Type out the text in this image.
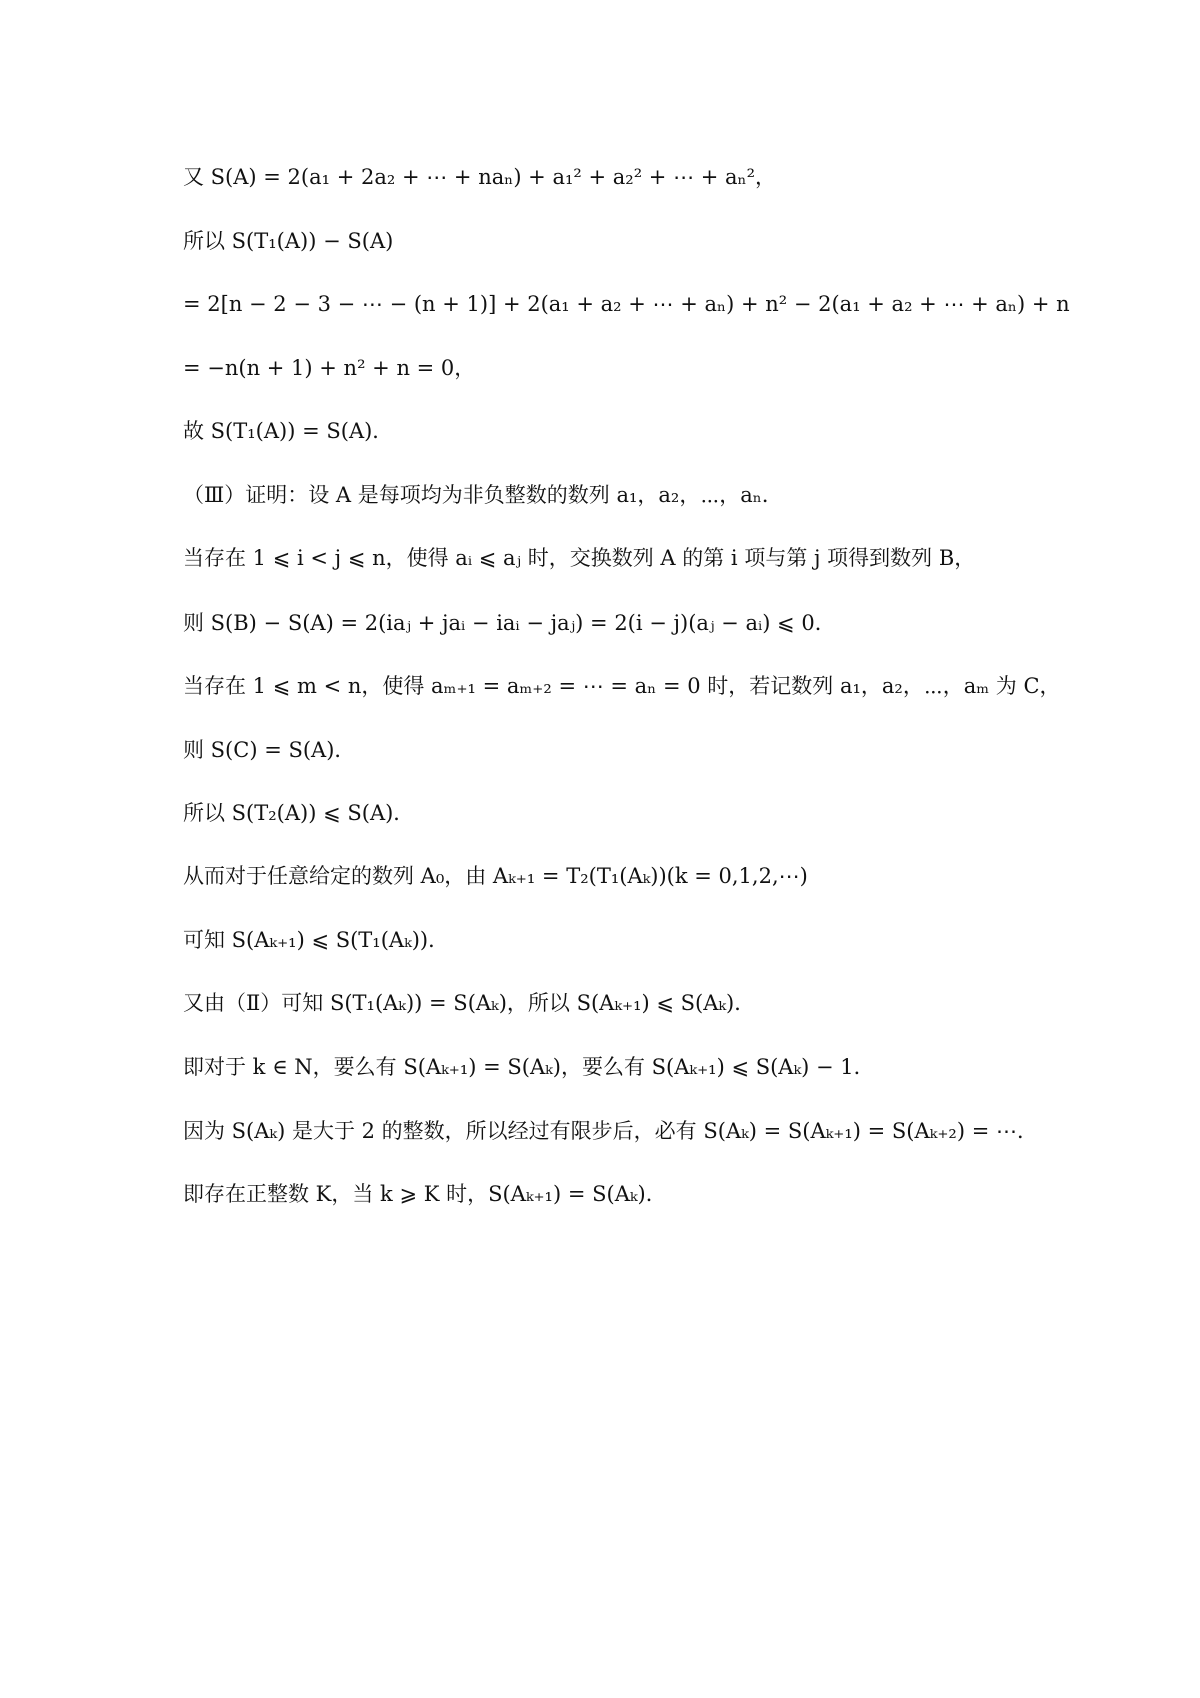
又 S(A) = 2(a₁ + 2a₂ + ⋯ + naₙ) + a₁² + a₂² + ⋯ + aₙ²，
所以 S(T₁(A)) − S(A)
= 2[n − 2 − 3 − ⋯ − (n + 1)] + 2(a₁ + a₂ + ⋯ + aₙ) + n² − 2(a₁ + a₂ + ⋯ + aₙ) + n
= −n(n + 1) + n² + n = 0，
故 S(T₁(A)) = S(A)．
（Ⅲ）证明：设 A 是每项均为非负整数的数列 a₁，a₂，⋯，aₙ．
当存在 1 ⩽ i < j ⩽ n，使得 aᵢ ⩽ aⱼ 时，交换数列 A 的第 i 项与第 j 项得到数列 B，
则 S(B) − S(A) = 2(iaⱼ + jaᵢ − iaᵢ − jaⱼ) = 2(i − j)(aⱼ − aᵢ) ⩽ 0．
当存在 1 ⩽ m < n，使得 aₘ₊₁ = aₘ₊₂ = ⋯ = aₙ = 0 时，若记数列 a₁，a₂，⋯，aₘ 为 C，
则 S(C) = S(A)．
所以 S(T₂(A)) ⩽ S(A)．
从而对于任意给定的数列 A₀，由 Aₖ₊₁ = T₂(T₁(Aₖ))(k = 0,1,2,⋯)
可知 S(Aₖ₊₁) ⩽ S(T₁(Aₖ))．
又由（Ⅱ）可知 S(T₁(Aₖ)) = S(Aₖ)，所以 S(Aₖ₊₁) ⩽ S(Aₖ)．
即对于 k ∈ N，要么有 S(Aₖ₊₁) = S(Aₖ)，要么有 S(Aₖ₊₁) ⩽ S(Aₖ) − 1．
因为 S(Aₖ) 是大于 2 的整数，所以经过有限步后，必有 S(Aₖ) = S(Aₖ₊₁) = S(Aₖ₊₂) = ⋯．
即存在正整数 K，当 k ⩾ K 时，S(Aₖ₊₁) = S(Aₖ)．
